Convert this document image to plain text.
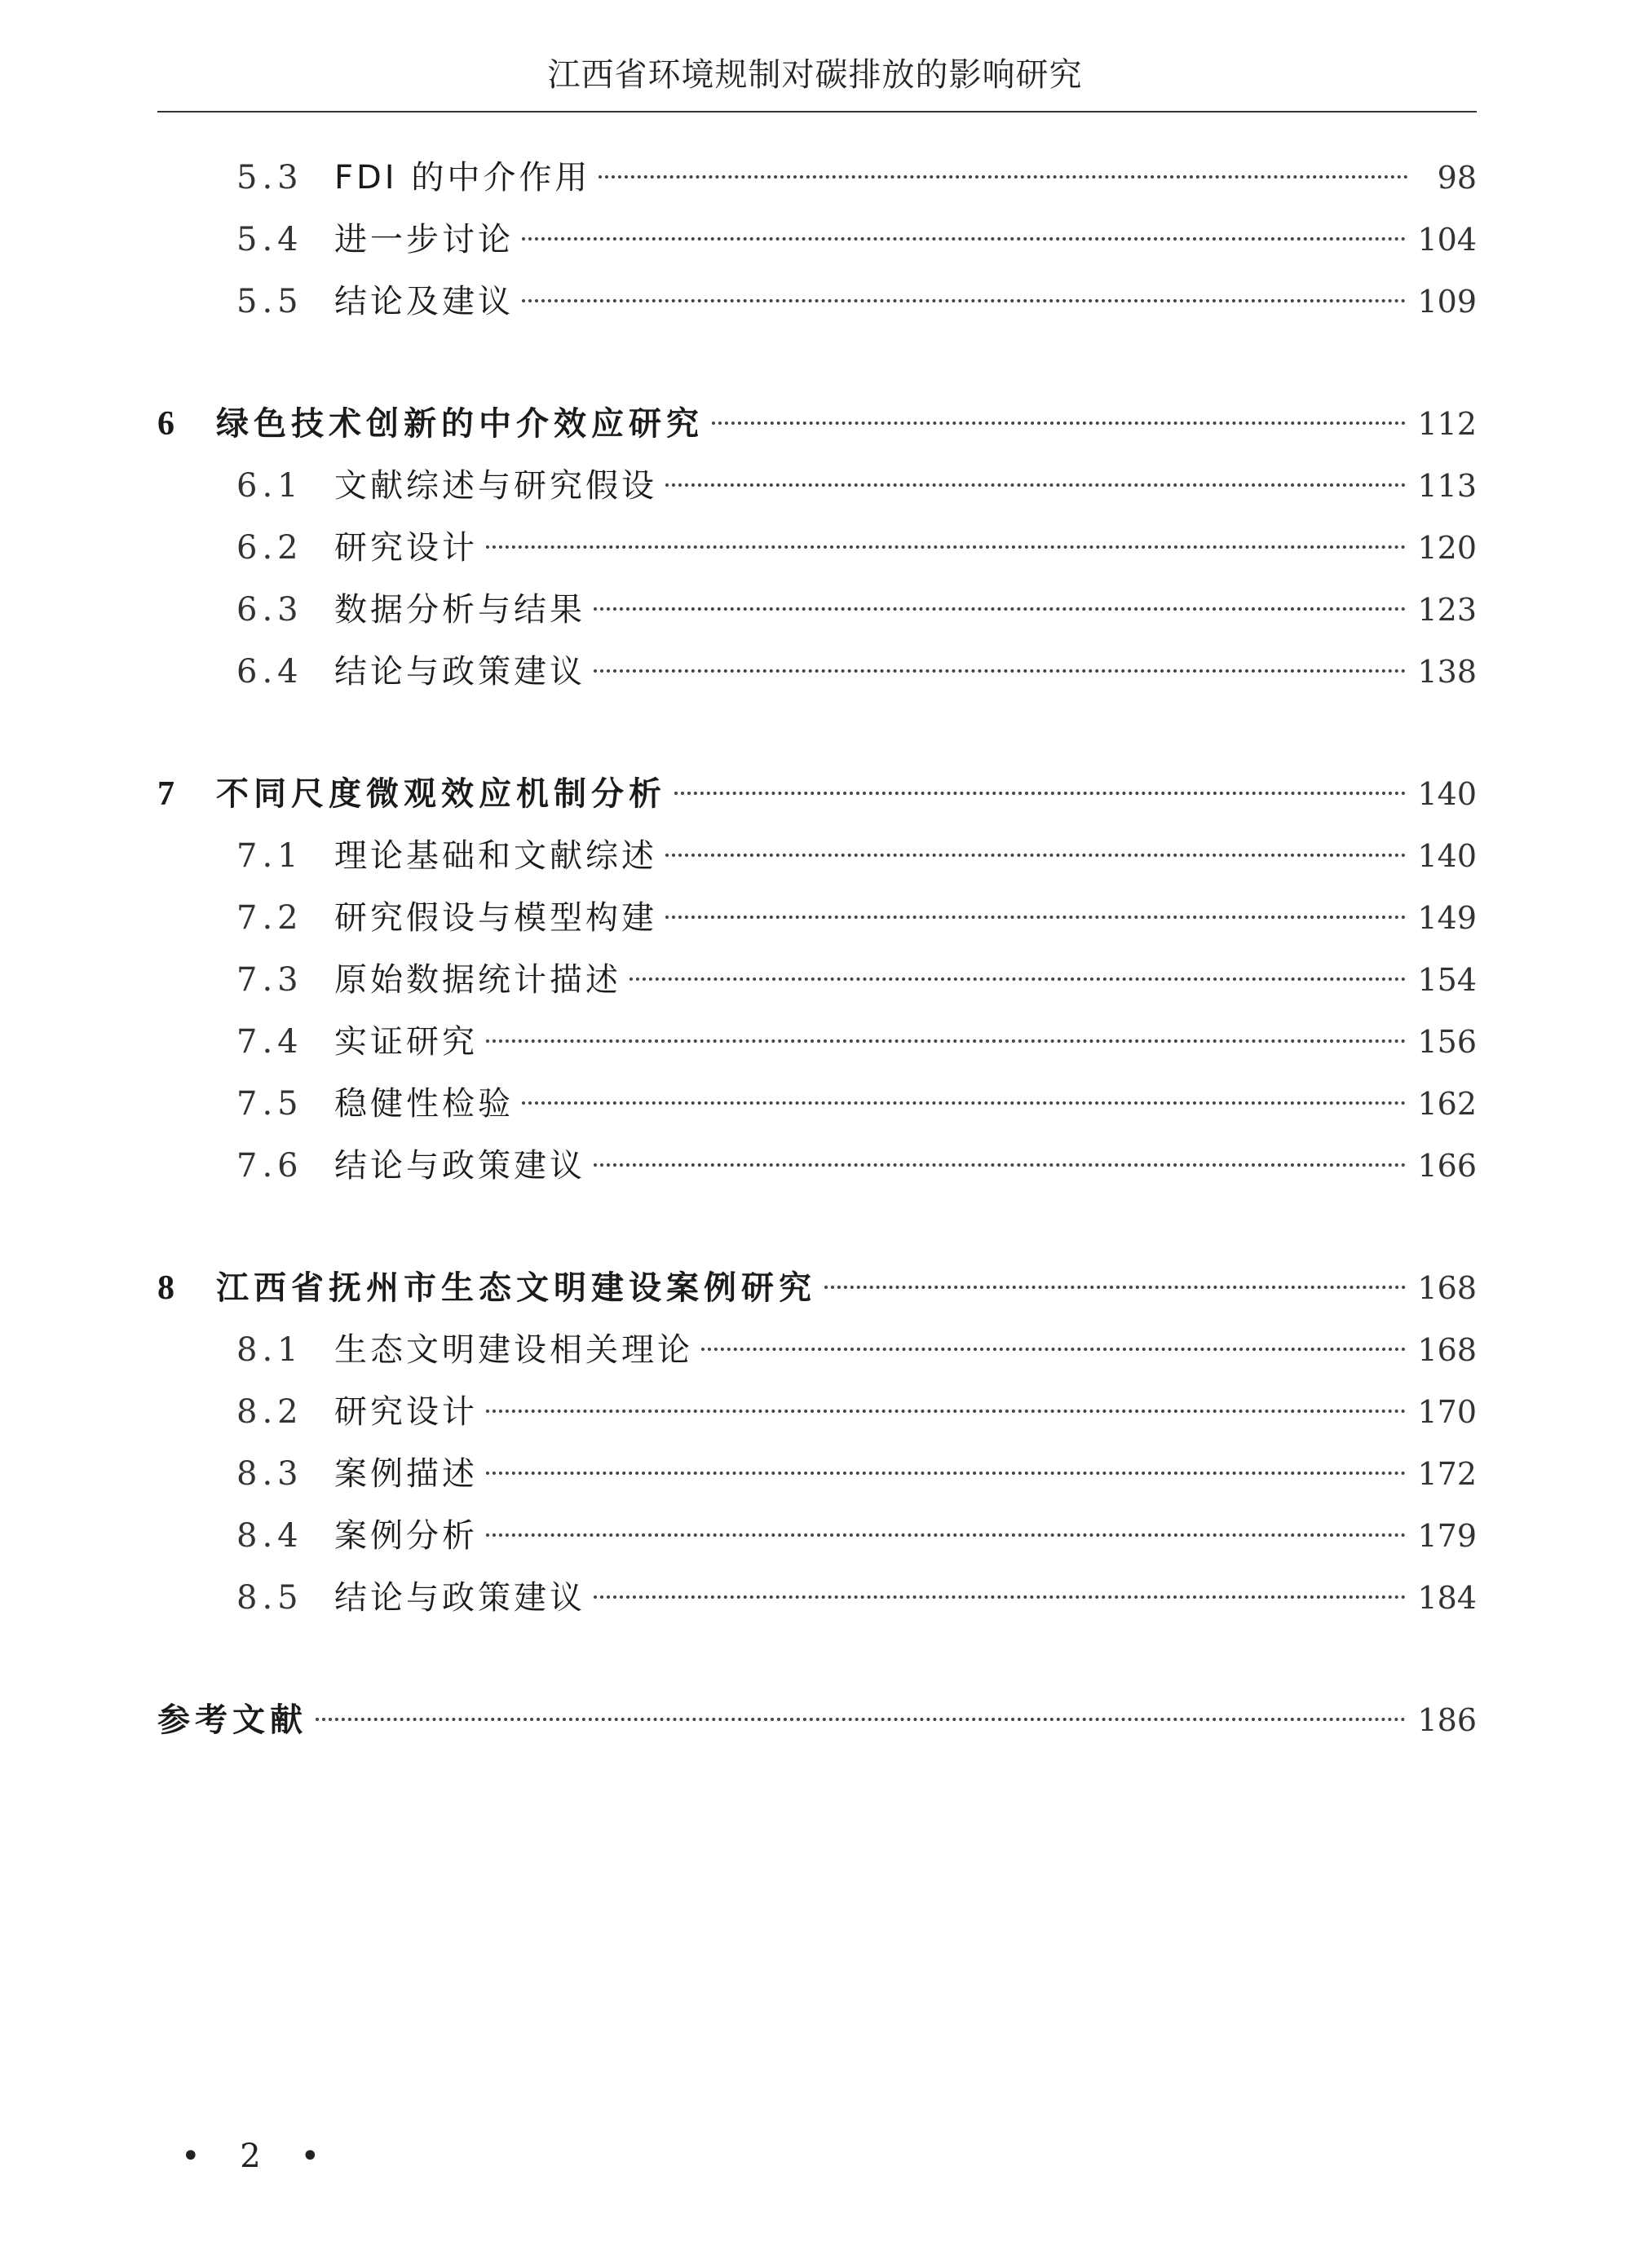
江西省环境规制对碳排放的影响研究
5.3 FDI 的中介作用	98
5.4 进一步讨论	104
5.5 结论及建议	109
6	绿色技术创新的中介效应研究	112
6.1 文献综述与研究假设	113
6.2 研究设计	120
6.3 数据分析与结果	123
6.4 结论与政策建议	138
7	不同尺度微观效应机制分析	140
7.1 理论基础和文献综述	140
7.2 研究假设与模型构建	149
7.3 原始数据统计描述	154
7.4 实证研究	156
7.5 稳健性检验	162
7.6 结论与政策建议	166
8	江西省抚州市生态文明建设案例研究	168
8.1 生态文明建设相关理论	168
8.2 研究设计	170
8.3 案例描述	172
8.4 案例分析	179
8.5 结论与政策建议	184
参考文献	186
• 2 •
